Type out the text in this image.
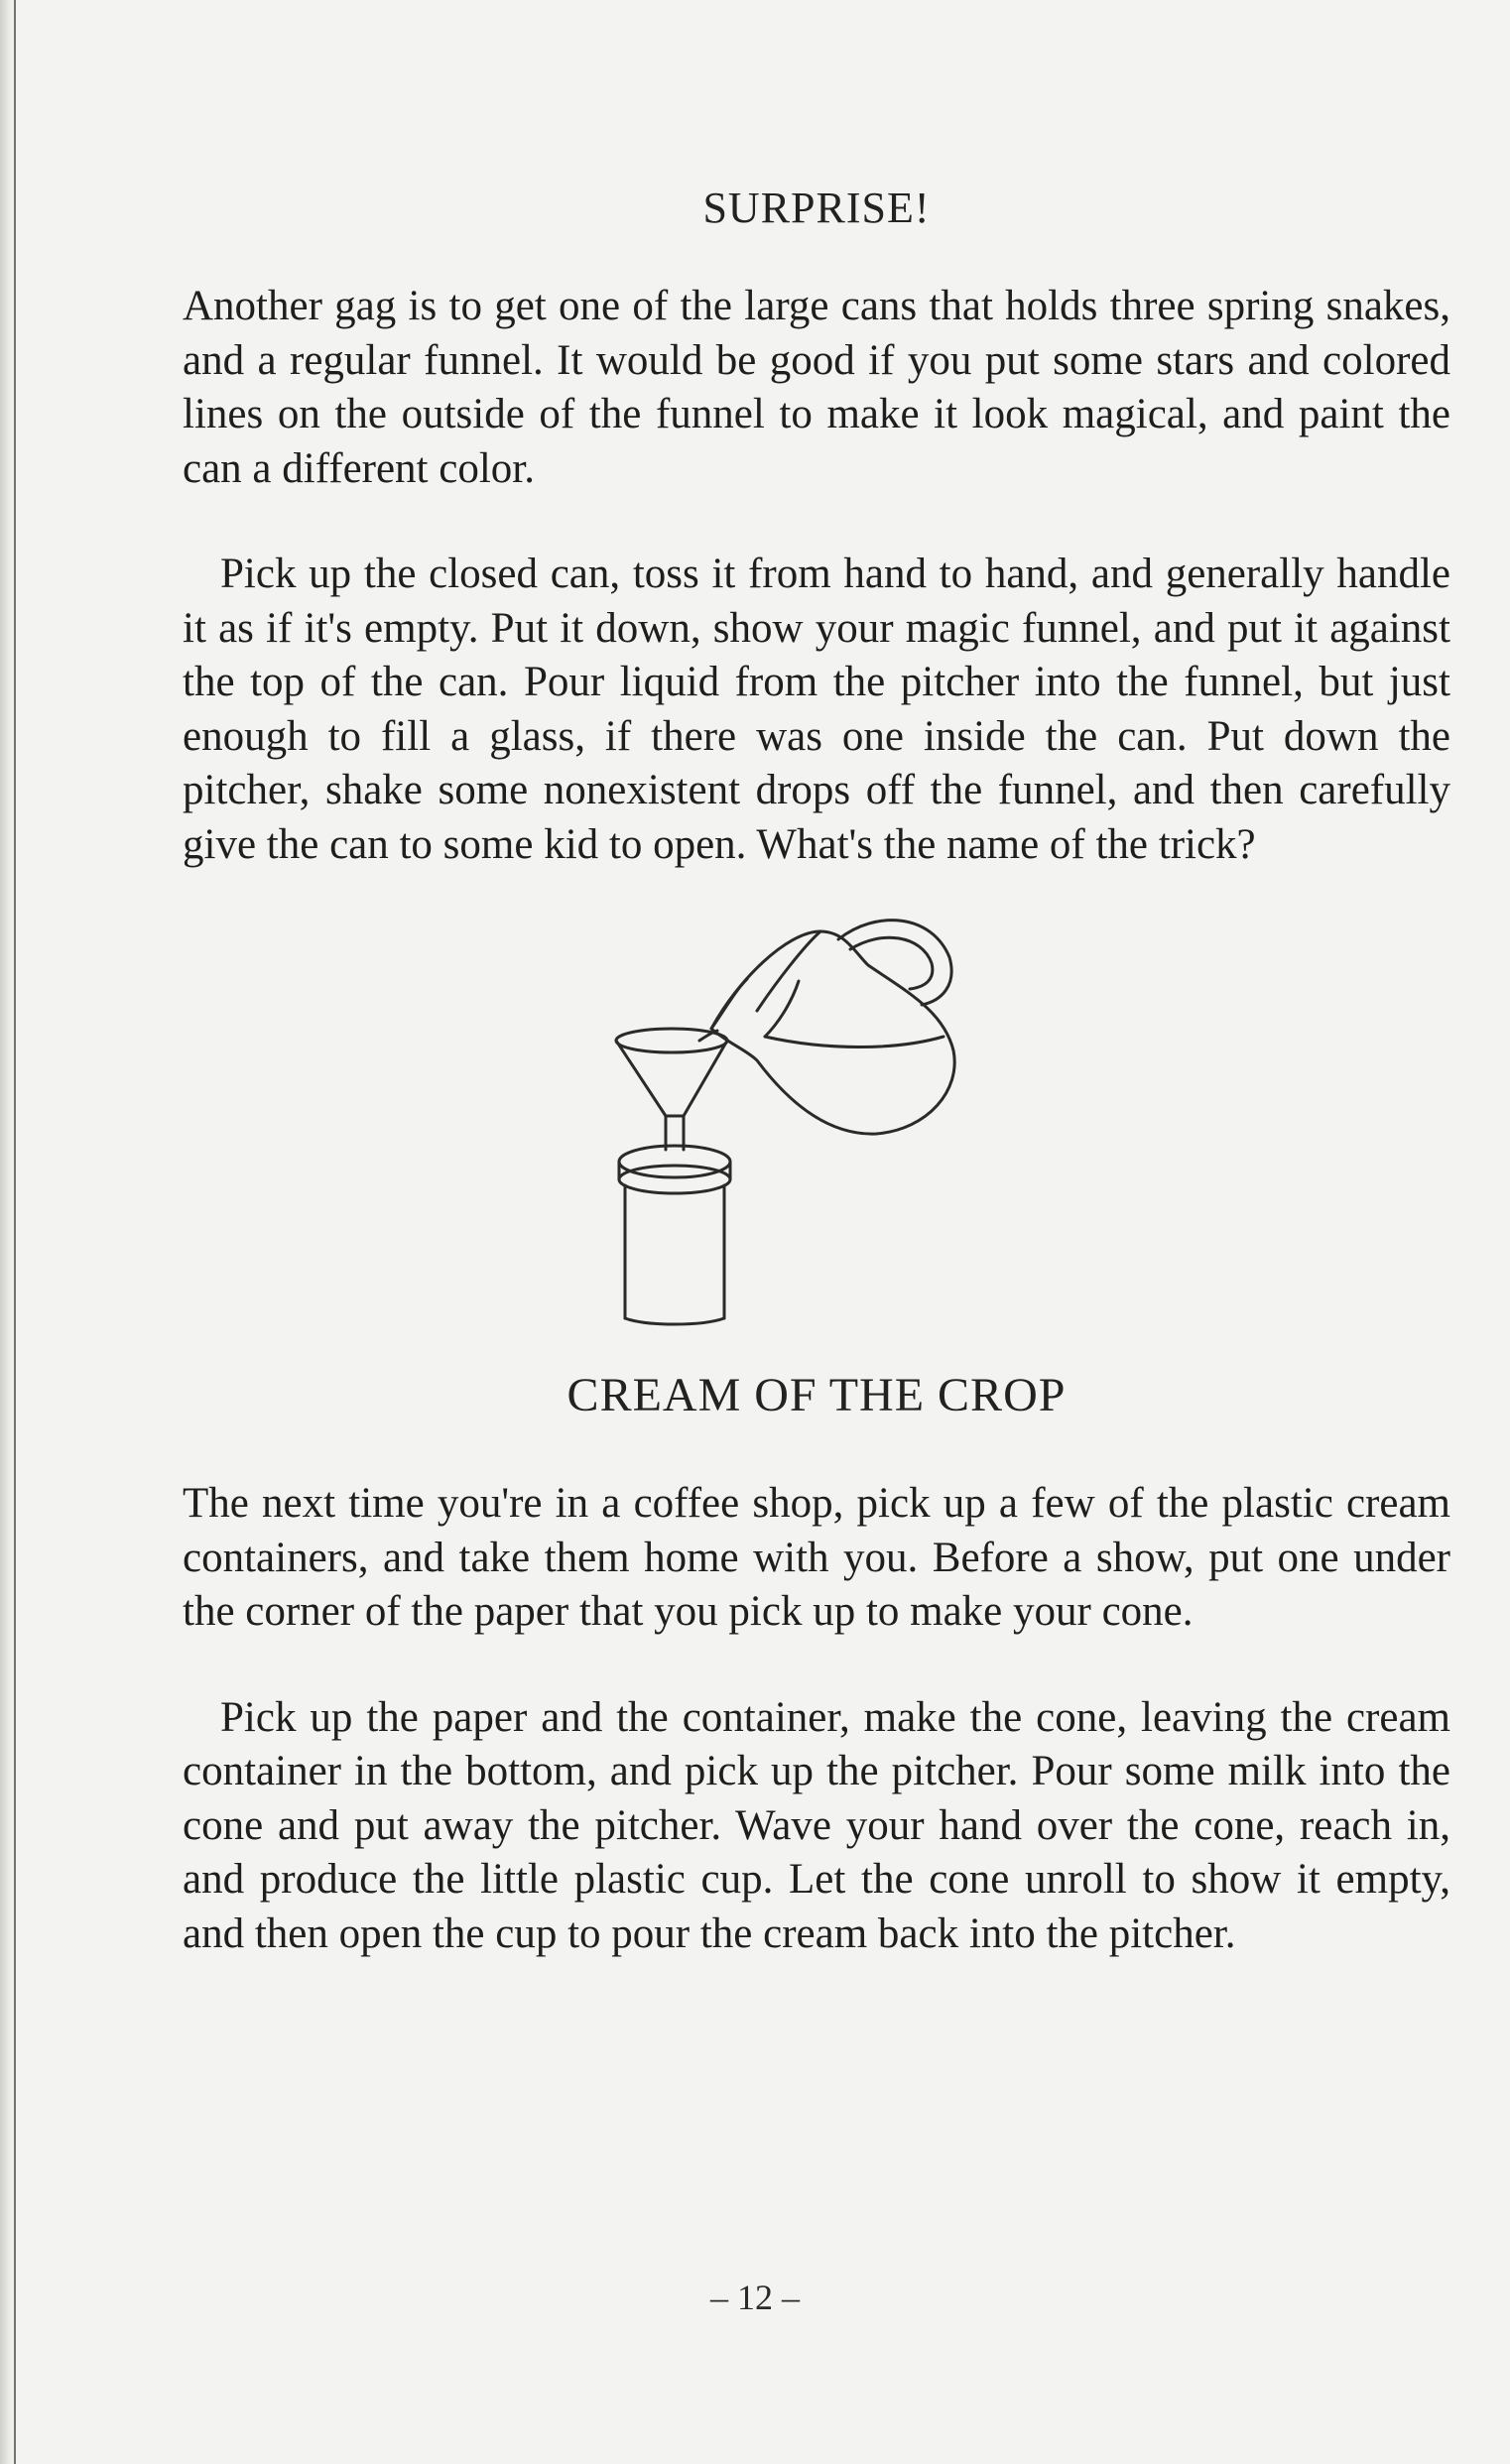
SURPRISE!

Another gag is to get one of the large cans that holds three spring snakes, and a regular funnel. It would be good if you put some stars and colored lines on the outside of the funnel to make it look magical, and paint the can a different color.

Pick up the closed can, toss it from hand to hand, and generally handle it as if it's empty. Put it down, show your magic funnel, and put it against the top of the can. Pour liquid from the pitcher into the funnel, but just enough to fill a glass, if there was one inside the can. Put down the pitcher, shake some nonexistent drops off the funnel, and then carefully give the can to some kid to open. What's the name of the trick?

CREAM OF THE CROP

The next time you're in a coffee shop, pick up a few of the plastic cream containers, and take them home with you. Before a show, put one under the corner of the paper that you pick up to make your cone.

Pick up the paper and the container, make the cone, leaving the cream container in the bottom, and pick up the pitcher. Pour some milk into the cone and put away the pitcher. Wave your hand over the cone, reach in, and produce the little plastic cup. Let the cone unroll to show it empty, and then open the cup to pour the cream back into the pitcher.

– 12 –
